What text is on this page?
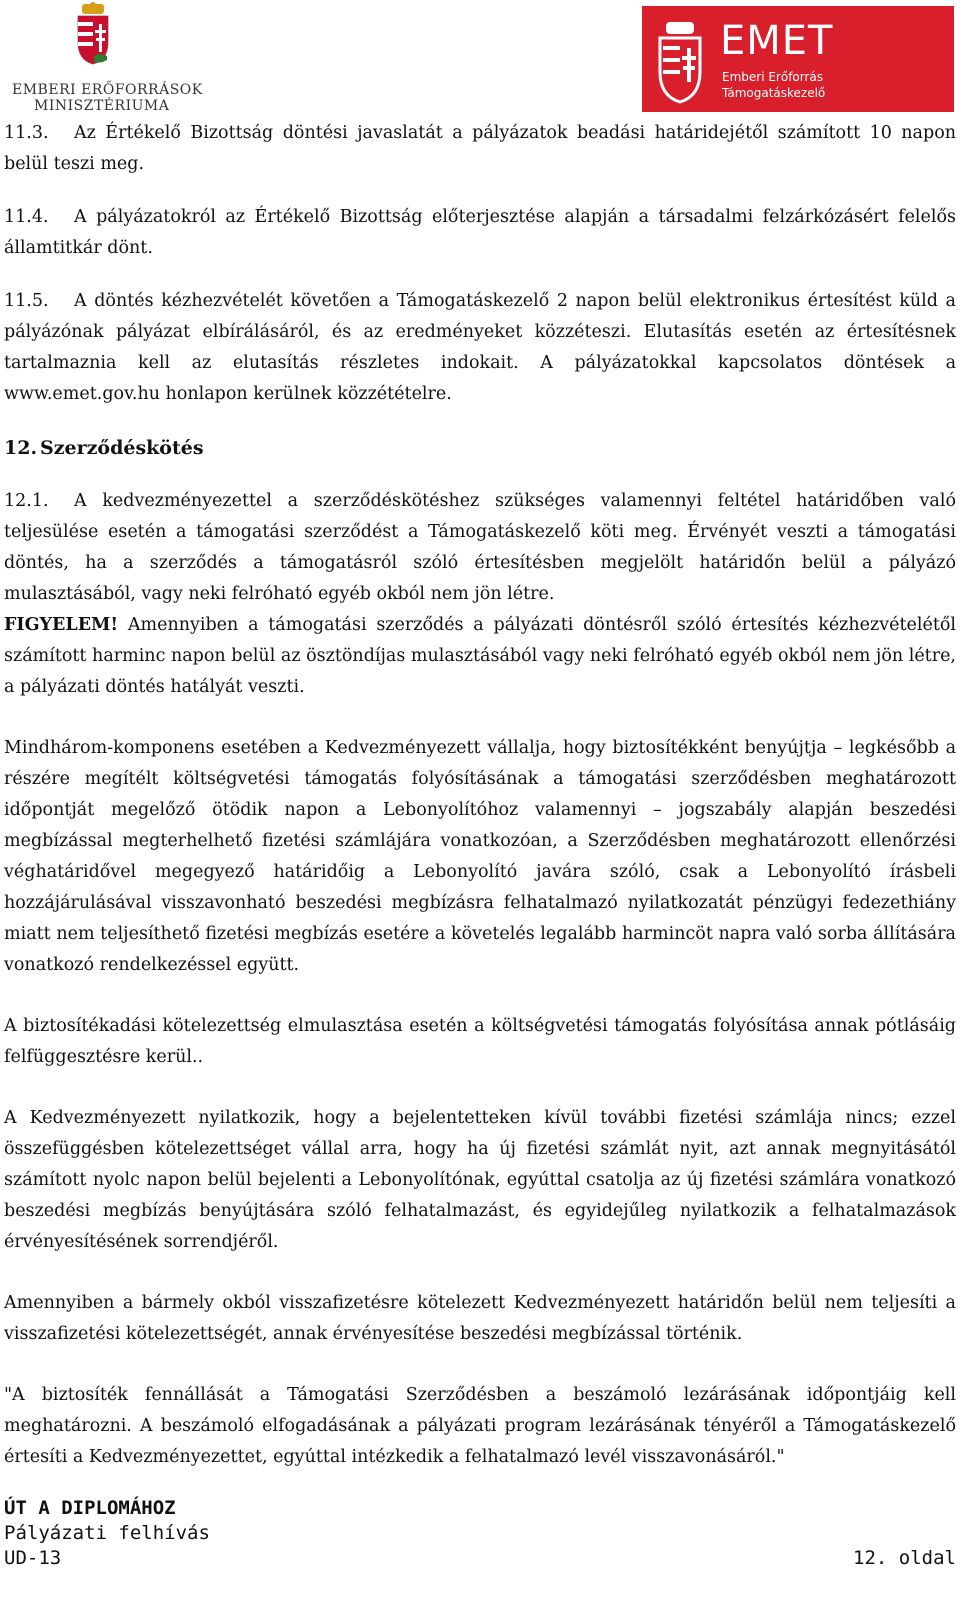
EMBERI ERŐFORRÁSOK
MINISZTÉRIUMA
EMET
Emberi Erőforrás
Támogatáskezelő

11.3. Az Értékelő Bizottság döntési javaslatát a pályázatok beadási határidejétől számított 10 napon belül teszi meg.

11.4. A pályázatokról az Értékelő Bizottság előterjesztése alapján a társadalmi felzárkózásért felelős államtitkár dönt.

11.5. A döntés kézhezvételét követően a Támogatáskezelő 2 napon belül elektronikus értesítést küld a pályázónak pályázat elbírálásáról, és az eredményeket közzéteszi. Elutasítás esetén az értesítésnek tartalmaznia kell az elutasítás részletes indokait. A pályázatokkal kapcsolatos döntések a www.emet.gov.hu honlapon kerülnek közzétételre.

12. Szerződéskötés

12.1. A kedvezményezettel a szerződéskötéshez szükséges valamennyi feltétel határidőben való teljesülése esetén a támogatási szerződést a Támogatáskezelő köti meg. Érvényét veszti a támogatási döntés, ha a szerződés a támogatásról szóló értesítésben megjelölt határidőn belül a pályázó mulasztásából, vagy neki felróható egyéb okból nem jön létre.

FIGYELEM! Amennyiben a támogatási szerződés a pályázati döntésről szóló értesítés kézhezvételétől számított harminc napon belül az ösztöndíjas mulasztásából vagy neki felróható egyéb okból nem jön létre, a pályázati döntés hatályát veszti.

Mindhárom-komponens esetében a Kedvezményezett vállalja, hogy biztosítékként benyújtja – legkésőbb a részére megítélt költségvetési támogatás folyósításának a támogatási szerződésben meghatározott időpontját megelőző ötödik napon a Lebonyolítóhoz valamennyi – jogszabály alapján beszedési megbízással megterhelhető fizetési számlájára vonatkozóan, a Szerződésben meghatározott ellenőrzési véghatáridővel megegyező határidőig a Lebonyolító javára szóló, csak a Lebonyolító írásbeli hozzájárulásával visszavonható beszedési megbízásra felhatalmazó nyilatkozatát pénzügyi fedezethiány miatt nem teljesíthető fizetési megbízás esetére a követelés legalább harmincöt napra való sorba állítására vonatkozó rendelkezéssel együtt.

A biztosítékadási kötelezettség elmulasztása esetén a költségvetési támogatás folyósítása annak pótlásáig felfüggesztésre kerül..

A Kedvezményezett nyilatkozik, hogy a bejelentetteken kívül további fizetési számlája nincs; ezzel összefüggésben kötelezettséget vállal arra, hogy ha új fizetési számlát nyit, azt annak megnyitásától számított nyolc napon belül bejelenti a Lebonyolítónak, egyúttal csatolja az új fizetési számlára vonatkozó beszedési megbízás benyújtására szóló felhatalmazást, és egyidejűleg nyilatkozik a felhatalmazások érvényesítésének sorrendjéről.

Amennyiben a bármely okból visszafizetésre kötelezett Kedvezményezett határidőn belül nem teljesíti a visszafizetési kötelezettségét, annak érvényesítése beszedési megbízással történik.

"A biztosíték fennállását a Támogatási Szerződésben a beszámoló lezárásának időpontjáig kell meghatározni. A beszámoló elfogadásának a pályázati program lezárásának tényéről a Támogatáskezelő értesíti a Kedvezményezettet, egyúttal intézkedik a felhatalmazó levél visszavonásáról."

ÚT A DIPLOMÁHOZ
Pályázati felhívás
UD-13	12. oldal
